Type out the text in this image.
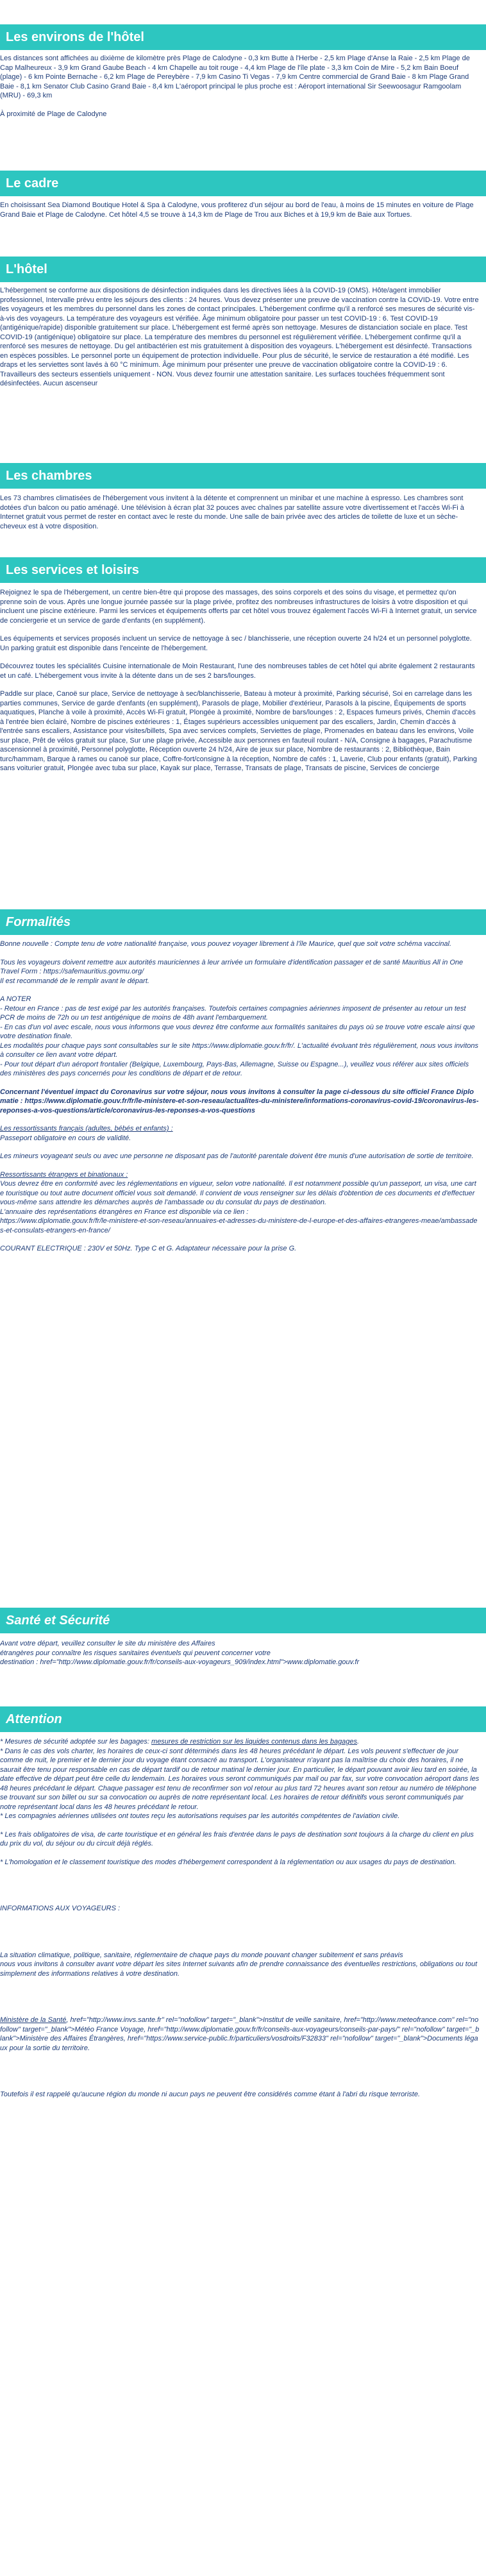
Les environs de l'hôtel

Les distances sont affichées au dixième de kilomètre près Plage de Calodyne - 0,3 km Butte à l'Herbe - 2,5 km Plage d'Anse la Raie - 2,5 km Plage de Cap Malheureux - 3,9 km Grand Gaube Beach - 4 km Chapelle au toit rouge - 4,4 km Plage de l'île plate - 3,3 km Coin de Mire - 5,2 km Bain Boeuf (plage) - 6 km Pointe Bernache - 6,2 km Plage de Pereybère - 7,9 km Casino Ti Vegas - 7,9 km Centre commercial de Grand Baie - 8 km Plage Grand Baie - 8,1 km Senator Club Casino Grand Baie - 8,4 km L'aéroport principal le plus proche est : Aéroport international Sir Seewoosagur Ramgoolam (MRU) - 69,3 km

À proximité de Plage de Calodyne

Le cadre

En choisissant Sea Diamond Boutique Hotel & Spa à Calodyne, vous profiterez d'un séjour au bord de l'eau, à moins de 15 minutes en voiture de Plage Grand Baie et Plage de Calodyne. Cet hôtel 4,5 se trouve à 14,3 km de Plage de Trou aux Biches et à 19,9 km de Baie aux Tortues.

L'hôtel

L'hébergement se conforme aux dispositions de désinfection indiquées dans les directives liées à la COVID-19 (OMS). Hôte/agent immobilier professionnel, Intervalle prévu entre les séjours des clients : 24 heures. Vous devez présenter une preuve de vaccination contre la COVID-19. Votre entre les voyageurs et les membres du personnel dans les zones de contact principales. L'hébergement confirme qu'il a renforcé ses mesures de sécurité vis-à-vis des voyageurs. La température des voyageurs est vérifiée. Âge minimum obligatoire pour passer un test COVID-19 : 6. Test COVID-19 (antigénique/rapide) disponible gratuitement sur place. L'hébergement est fermé après son nettoyage. Mesures de distanciation sociale en place. Test COVID-19 (antigénique) obligatoire sur place. La température des membres du personnel est régulièrement vérifiée. L'hébergement confirme qu'il a renforcé ses mesures de nettoyage. Du gel antibactérien est mis gratuitement à disposition des voyageurs. L'hébergement est désinfecté. Transactions en espèces possibles. Le personnel porte un équipement de protection individuelle. Pour plus de sécurité, le service de restauration a été modifié. Les draps et les serviettes sont lavés à 60 °C minimum. Âge minimum pour présenter une preuve de vaccination obligatoire contre la COVID-19 : 6. Travailleurs des secteurs essentiels uniquement - NON. Vous devez fournir une attestation sanitaire. Les surfaces touchées fréquemment sont désinfectées. Aucun ascenseur

Les chambres

Les 73 chambres climatisées de l'hébergement vous invitent à la détente et comprennent un minibar et une machine à espresso. Les chambres sont dotées d'un balcon ou patio aménagé. Une télévision à écran plat 32 pouces avec chaînes par satellite assure votre divertissement et l'accès Wi-Fi à Internet gratuit vous permet de rester en contact avec le reste du monde. Une salle de bain privée avec des articles de toilette de luxe et un sèche-cheveux est à votre disposition.

Les services et loisirs

Rejoignez le spa de l'hébergement, un centre bien-être qui propose des massages, des soins corporels et des soins du visage, et permettez qu'on prenne soin de vous. Après une longue journée passée sur la plage privée, profitez des nombreuses infrastructures de loisirs à votre disposition et qui incluent une piscine extérieure. Parmi les services et équipements offerts par cet hôtel vous trouvez également l'accès Wi-Fi à Internet gratuit, un service de conciergerie et un service de garde d'enfants (en supplément).

Les équipements et services proposés incluent un service de nettoyage à sec / blanchisserie, une réception ouverte 24 h/24 et un personnel polyglotte. Un parking gratuit est disponible dans l'enceinte de l'hébergement.

Découvrez toutes les spécialités Cuisine internationale de Moin Restaurant, l'une des nombreuses tables de cet hôtel qui abrite également 2 restaurants et un café. L'hébergement vous invite à la détente dans un de ses 2 bars/lounges.

Paddle sur place, Canoë sur place, Service de nettoyage à sec/blanchisserie, Bateau à moteur à proximité, Parking sécurisé, Soi en carrelage dans les parties communes, Service de garde d'enfants (en supplément), Parasols de plage, Mobilier d'extérieur, Parasols à la piscine, Équipements de sports aquatiques, Planche à voile à proximité, Accès Wi-Fi gratuit, Plongée à proximité, Nombre de bars/lounges : 2, Espaces fumeurs privés, Chemin d'accès à l'entrée bien éclairé, Nombre de piscines extérieures : 1, Étages supérieurs accessibles uniquement par des escaliers, Jardin, Chemin d'accès à l'entrée sans escaliers, Assistance pour visites/billets, Spa avec services complets, Serviettes de plage, Promenades en bateau dans les environs, Voile sur place, Prêt de vélos gratuit sur place, Sur une plage privée, Accessible aux personnes en fauteuil roulant - N/A, Consigne à bagages, Parachutisme ascensionnel à proximité, Personnel polyglotte, Réception ouverte 24 h/24, Aire de jeux sur place, Nombre de restaurants : 2, Bibliothèque, Bain turc/hammam, Barque à rames ou canoë sur place, Coffre-fort/consigne à la réception, Nombre de cafés : 1, Laverie, Club pour enfants (gratuit), Parking sans voiturier gratuit, Plongée avec tuba sur place, Kayak sur place, Terrasse, Transats de plage, Transats de piscine, Services de concierge

Formalités

Bonne nouvelle : Compte tenu de votre nationalité française, vous pouvez voyager librement à l'île Maurice, quel que soit votre schéma vaccinal.

Tous les voyageurs doivent remettre aux autorités mauriciennes à leur arrivée un formulaire d'identification passager et de santé Mauritius All in One Travel Form : https://safemauritius.govmu.org/
Il est recommandé de le remplir avant le départ.

A NOTER
- Retour en France : pas de test exigé par les autorités françaises. Toutefois certaines compagnies aériennes imposent de présenter au retour un test PCR de moins de 72h ou un test antigénique de moins de 48h avant l'embarquement.
- En cas d'un vol avec escale, nous vous informons que vous devrez être conforme aux formalités sanitaires du pays où se trouve votre escale ainsi que votre destination finale.
Les modalités pour chaque pays sont consultables sur le site https://www.diplomatie.gouv.fr/fr/. L'actualité évoluant très régulièrement, nous vous invitons à consulter ce lien avant votre départ.
- Pour tout départ d'un aéroport frontalier (Belgique, Luxembourg, Pays-Bas, Allemagne, Suisse ou Espagne...), veuillez vous référer aux sites officiels des ministères des pays concernés pour les conditions de départ et de retour.

Concernant l'éventuel impact du Coronavirus sur votre séjour, nous vous invitons à consulter la page ci-dessous du site officiel France Diplomatie : https://www.diplomatie.gouv.fr/fr/le-ministere-et-son-reseau/actualites-du-ministere/informations-coronavirus-covid-19/coronavirus-les-reponses-a-vos-questions/article/coronavirus-les-reponses-a-vos-questions

Les ressortissants français (adultes, bébés et enfants) :

Passeport obligatoire en cours de validité.

Les mineurs voyageant seuls ou avec une personne ne disposant pas de l'autorité parentale doivent être munis d'une autorisation de sortie de territoire.

Ressortissants étrangers et binationaux :

Vous devrez être en conformité avec les réglementations en vigueur, selon votre nationalité. Il est notamment possible qu'un passeport, un visa, une carte touristique ou tout autre document officiel vous soit demandé. Il convient de vous renseigner sur les délais d'obtention de ces documents et d'effectuer vous-même sans attendre les démarches auprès de l'ambassade ou du consulat du pays de destination.
L'annuaire des représentations étrangères en France est disponible via ce lien :
https://www.diplomatie.gouv.fr/fr/le-ministere-et-son-reseau/annuaires-et-adresses-du-ministere-de-l-europe-et-des-affaires-etrangeres-meae/ambassades-et-consulats-etrangers-en-france/

COURANT ELECTRIQUE : 230V et 50Hz. Type C et G. Adaptateur nécessaire pour la prise G.

Santé et Sécurité

Avant votre départ, veuillez consulter le site du ministère des Affaires
étrangères pour connaître les risques sanitaires éventuels qui peuvent concerner votre
destination : href="http://www.diplomatie.gouv.fr/fr/conseils-aux-voyageurs_909/index.html">www.diplomatie.gouv.fr

Attention

* Mesures de sécurité adoptée sur les bagages: mesures de restriction sur les liquides contenus dans les bagages.
* Dans le cas des vols charter, les horaires de ceux-ci sont déterminés dans les 48 heures précédant le départ. Les vols peuvent s'effectuer de jour comme de nuit, le premier et le dernier jour du voyage étant consacré au transport. L'organisateur n'ayant pas la maîtrise du choix des horaires, il ne saurait être tenu pour responsable en cas de départ tardif ou de retour matinal le dernier jour. En particulier, le départ pouvant avoir lieu tard en soirée, la date effective de départ peut être celle du lendemain. Les horaires vous seront communiqués par mail ou par fax, sur votre convocation aéroport dans les 48 heures précédant le départ. Chaque passager est tenu de reconfirmer son vol retour au plus tard 72 heures avant son retour au numéro de téléphone se trouvant sur son billet ou sur sa convocation ou auprès de notre représentant local. Les horaires de retour définitifs vous seront communiqués par notre représentant local dans les 48 heures précédant le retour.
* Les compagnies aériennes utilisées ont toutes reçu les autorisations requises par les autorités compétentes de l'aviation civile.

* Les frais obligatoires de visa, de carte touristique et en général les frais d'entrée dans le pays de destination sont toujours à la charge du client en plus du prix du vol, du séjour ou du circuit déjà réglés.

* L'homologation et le classement touristique des modes d'hébergement correspondent à la réglementation ou aux usages du pays de destination.

INFORMATIONS AUX VOYAGEURS :

La situation climatique, politique, sanitaire, réglementaire de chaque pays du monde pouvant changer subitement et sans préavis
nous vous invitons à consulter avant votre départ les sites Internet suivants afin de prendre connaissance des éventuelles restrictions, obligations ou tout simplement des informations relatives à votre destination.

Ministère de la Santé, href="http://www.invs.sante.fr" rel="nofollow" target="_blank">Institut de veille sanitaire, href="http://www.meteofrance.com" rel="nofollow" target="_blank">Météo France Voyage, href="http://www.diplomatie.gouv.fr/fr/conseils-aux-voyageurs/conseils-par-pays/" rel="nofollow" target="_blank">Ministère des Affaires Étrangères, href="https://www.service-public.fr/particuliers/vosdroits/F32833" rel="nofollow" target="_blank">Documents légaux pour la sortie du territoire.

Toutefois il est rappelé qu'aucune région du monde ni aucun pays ne peuvent être considérés comme étant à l'abri du risque terroriste.
